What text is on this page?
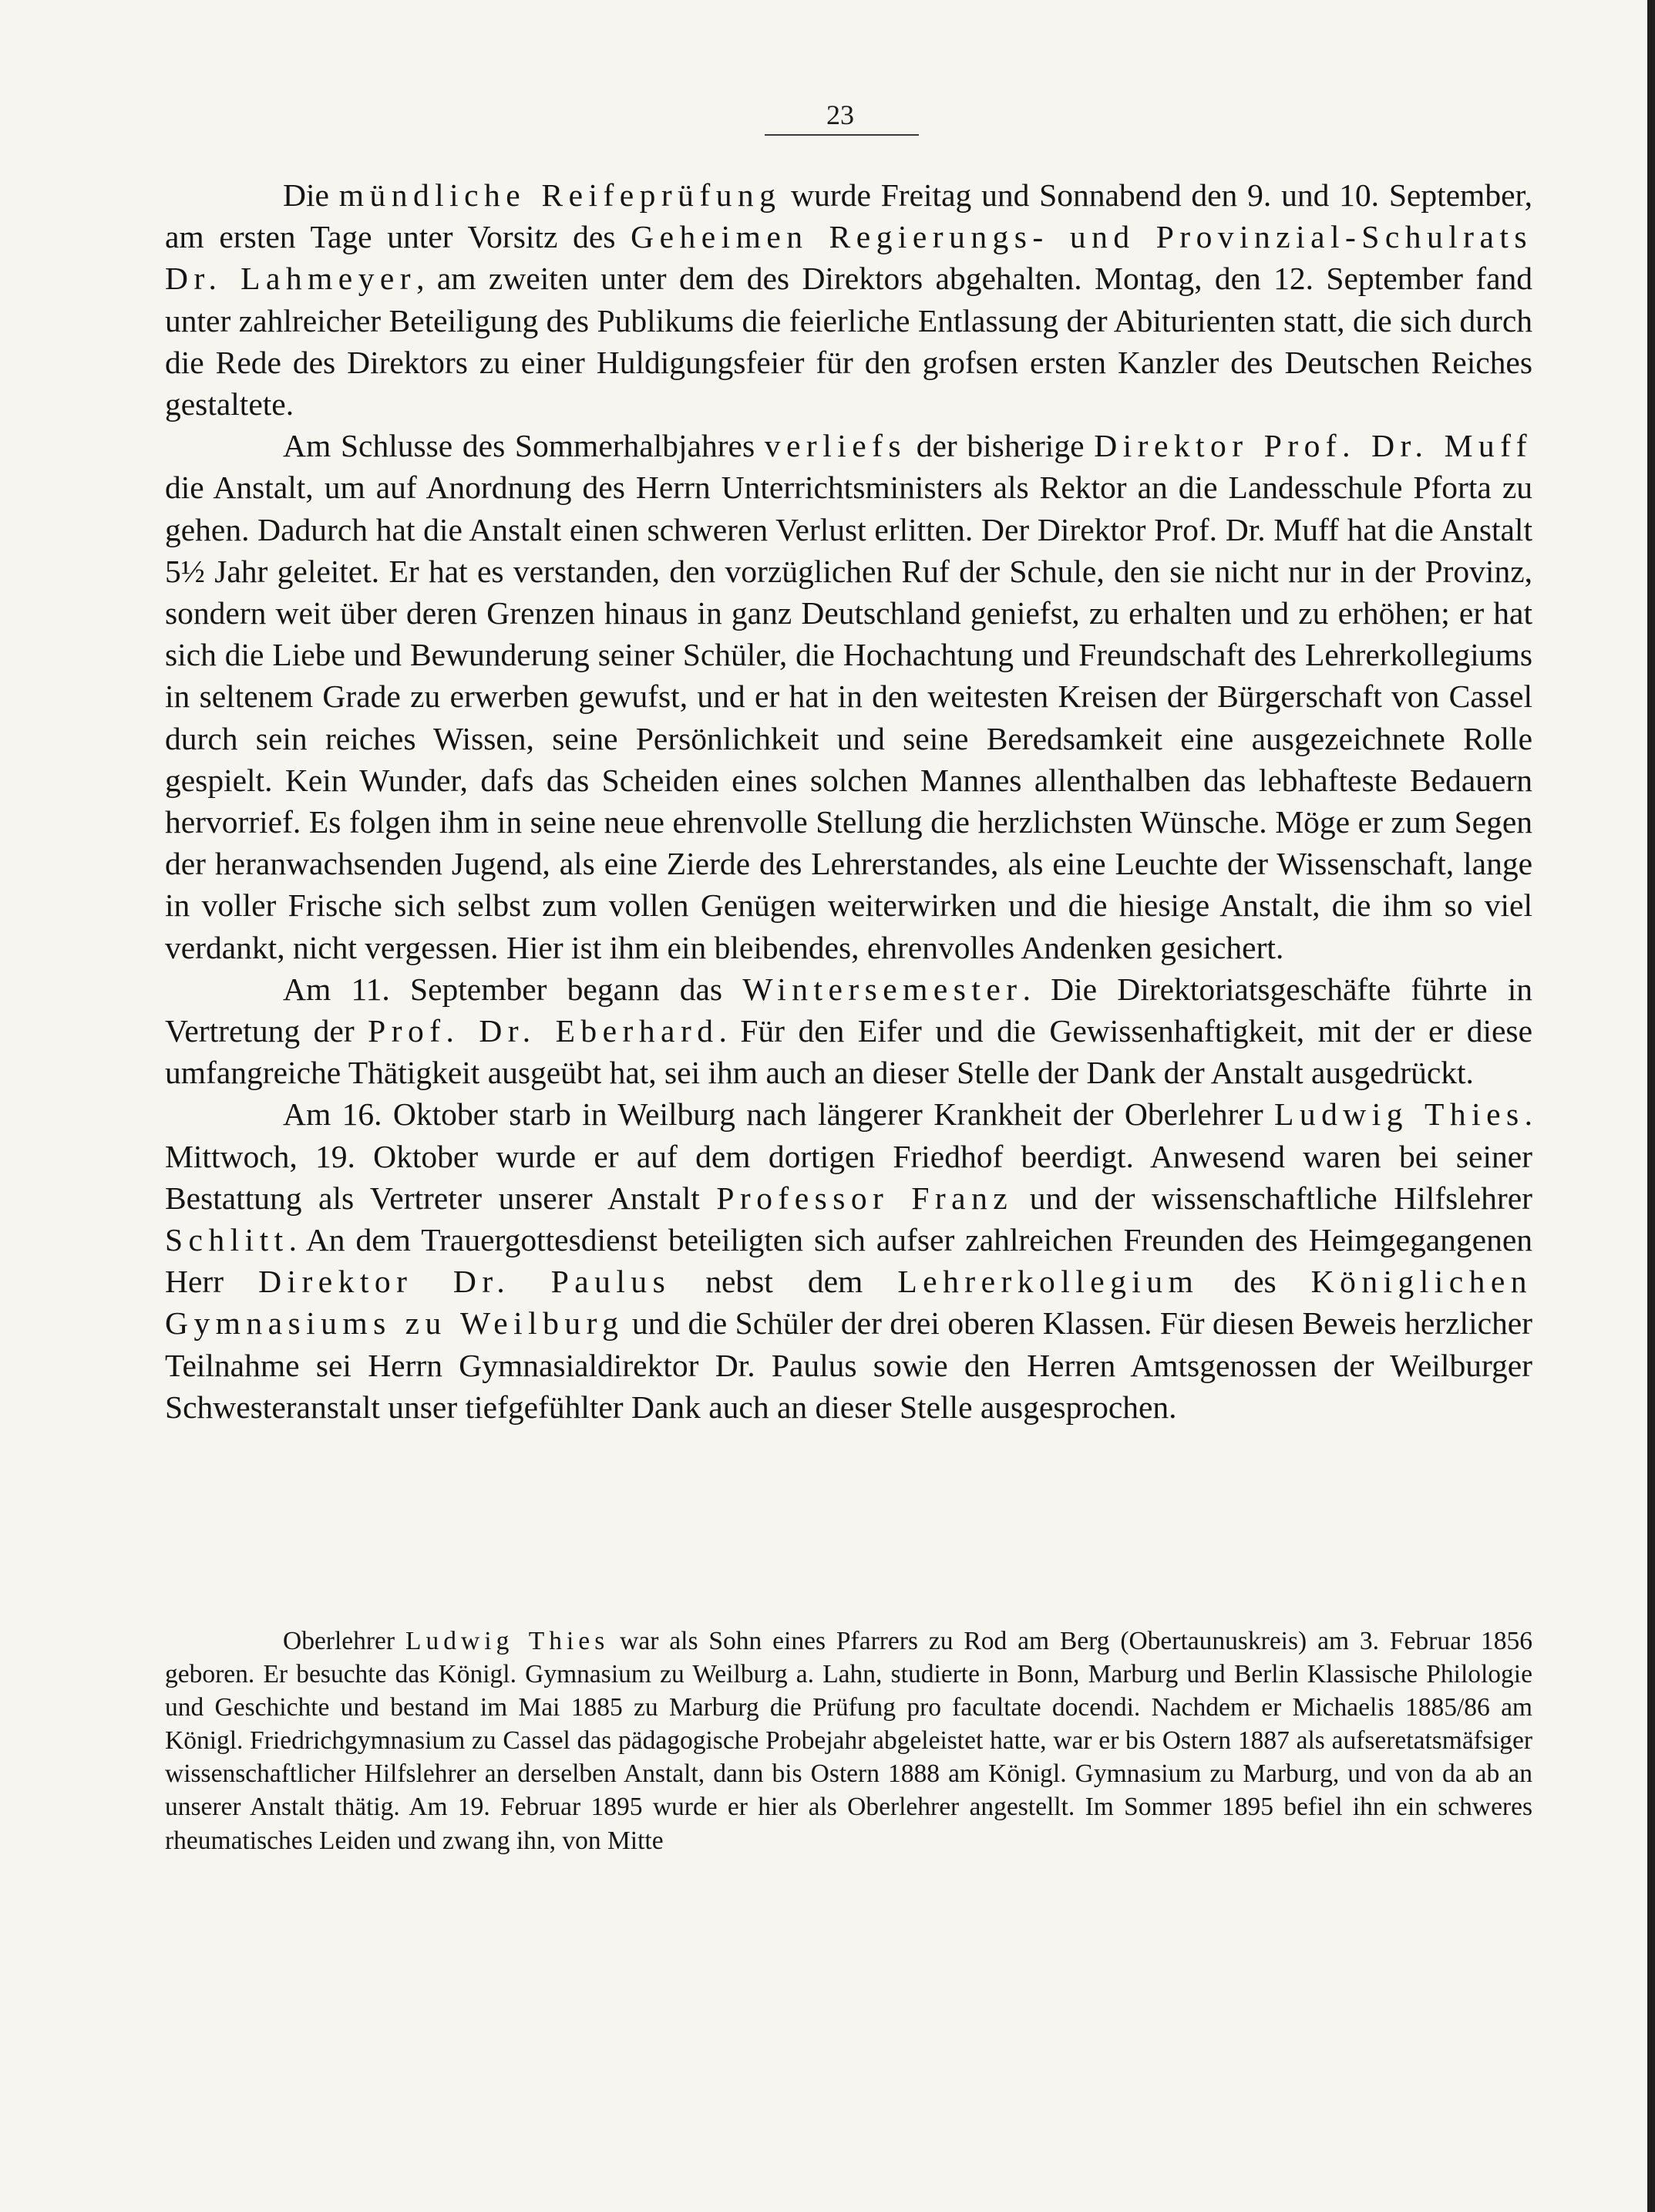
23

Die mündliche Reifeprüfung wurde Freitag und Sonnabend den 9. und 10. September, am ersten Tage unter Vorsitz des Geheimen Regierungs- und Provinzial-Schulrats Dr. Lahmeyer, am zweiten unter dem des Direktors abgehalten. Montag, den 12. September fand unter zahlreicher Beteiligung des Publikums die feierliche Entlassung der Abiturienten statt, die sich durch die Rede des Direktors zu einer Huldigungsfeier für den grofsen ersten Kanzler des Deutschen Reiches gestaltete.

Am Schlusse des Sommerhalbjahres verliefs der bisherige Direktor Prof. Dr. Muff die Anstalt, um auf Anordnung des Herrn Unterrichtsministers als Rektor an die Landesschule Pforta zu gehen. Dadurch hat die Anstalt einen schweren Verlust erlitten. Der Direktor Prof. Dr. Muff hat die Anstalt 5½ Jahr geleitet. Er hat es verstanden, den vorzüglichen Ruf der Schule, den sie nicht nur in der Provinz, sondern weit über deren Grenzen hinaus in ganz Deutschland geniefst, zu erhalten und zu erhöhen; er hat sich die Liebe und Bewunderung seiner Schüler, die Hochachtung und Freundschaft des Lehrerkollegiums in seltenem Grade zu erwerben gewufst, und er hat in den weitesten Kreisen der Bürgerschaft von Cassel durch sein reiches Wissen, seine Persönlichkeit und seine Beredsamkeit eine ausgezeichnete Rolle gespielt. Kein Wunder, dafs das Scheiden eines solchen Mannes allenthalben das lebhafteste Bedauern hervorrief. Es folgen ihm in seine neue ehrenvolle Stellung die herzlichsten Wünsche. Möge er zum Segen der heranwachsenden Jugend, als eine Zierde des Lehrerstandes, als eine Leuchte der Wissenschaft, lange in voller Frische sich selbst zum vollen Genügen weiterwirken und die hiesige Anstalt, die ihm so viel verdankt, nicht vergessen. Hier ist ihm ein bleibendes, ehrenvolles Andenken gesichert.

Am 11. September begann das Wintersemester. Die Direktoriatsgeschäfte führte in Vertretung der Prof. Dr. Eberhard. Für den Eifer und die Gewissenhaftigkeit, mit der er diese umfangreiche Thätigkeit ausgeübt hat, sei ihm auch an dieser Stelle der Dank der Anstalt ausgedrückt.

Am 16. Oktober starb in Weilburg nach längerer Krankheit der Oberlehrer Ludwig Thies. Mittwoch, 19. Oktober wurde er auf dem dortigen Friedhof beerdigt. Anwesend waren bei seiner Bestattung als Vertreter unserer Anstalt Professor Franz und der wissenschaftliche Hilfslehrer Schlitt. An dem Trauergottesdienst beteiligten sich aufser zahlreichen Freunden des Heimgegangenen Herr Direktor Dr. Paulus nebst dem Lehrerkollegium des Königlichen Gymnasiums zu Weilburg und die Schüler der drei oberen Klassen. Für diesen Beweis herzlicher Teilnahme sei Herrn Gymnasialdirektor Dr. Paulus sowie den Herren Amtsgenossen der Weilburger Schwesteranstalt unser tiefgefühlter Dank auch an dieser Stelle ausgesprochen.

Oberlehrer Ludwig Thies war als Sohn eines Pfarrers zu Rod am Berg (Obertaunuskreis) am 3. Februar 1856 geboren. Er besuchte das Königl. Gymnasium zu Weilburg a. Lahn, studierte in Bonn, Marburg und Berlin Klassische Philologie und Geschichte und bestand im Mai 1885 zu Marburg die Prüfung pro facultate docendi. Nachdem er Michaelis 1885/86 am Königl. Friedrichgymnasium zu Cassel das pädagogische Probejahr abgeleistet hatte, war er bis Ostern 1887 als aufseretatsmäfsiger wissenschaftlicher Hilfslehrer an derselben Anstalt, dann bis Ostern 1888 am Königl. Gymnasium zu Marburg, und von da ab an unserer Anstalt thätig. Am 19. Februar 1895 wurde er hier als Oberlehrer angestellt. Im Sommer 1895 befiel ihn ein schweres rheumatisches Leiden und zwang ihn, von Mitte
